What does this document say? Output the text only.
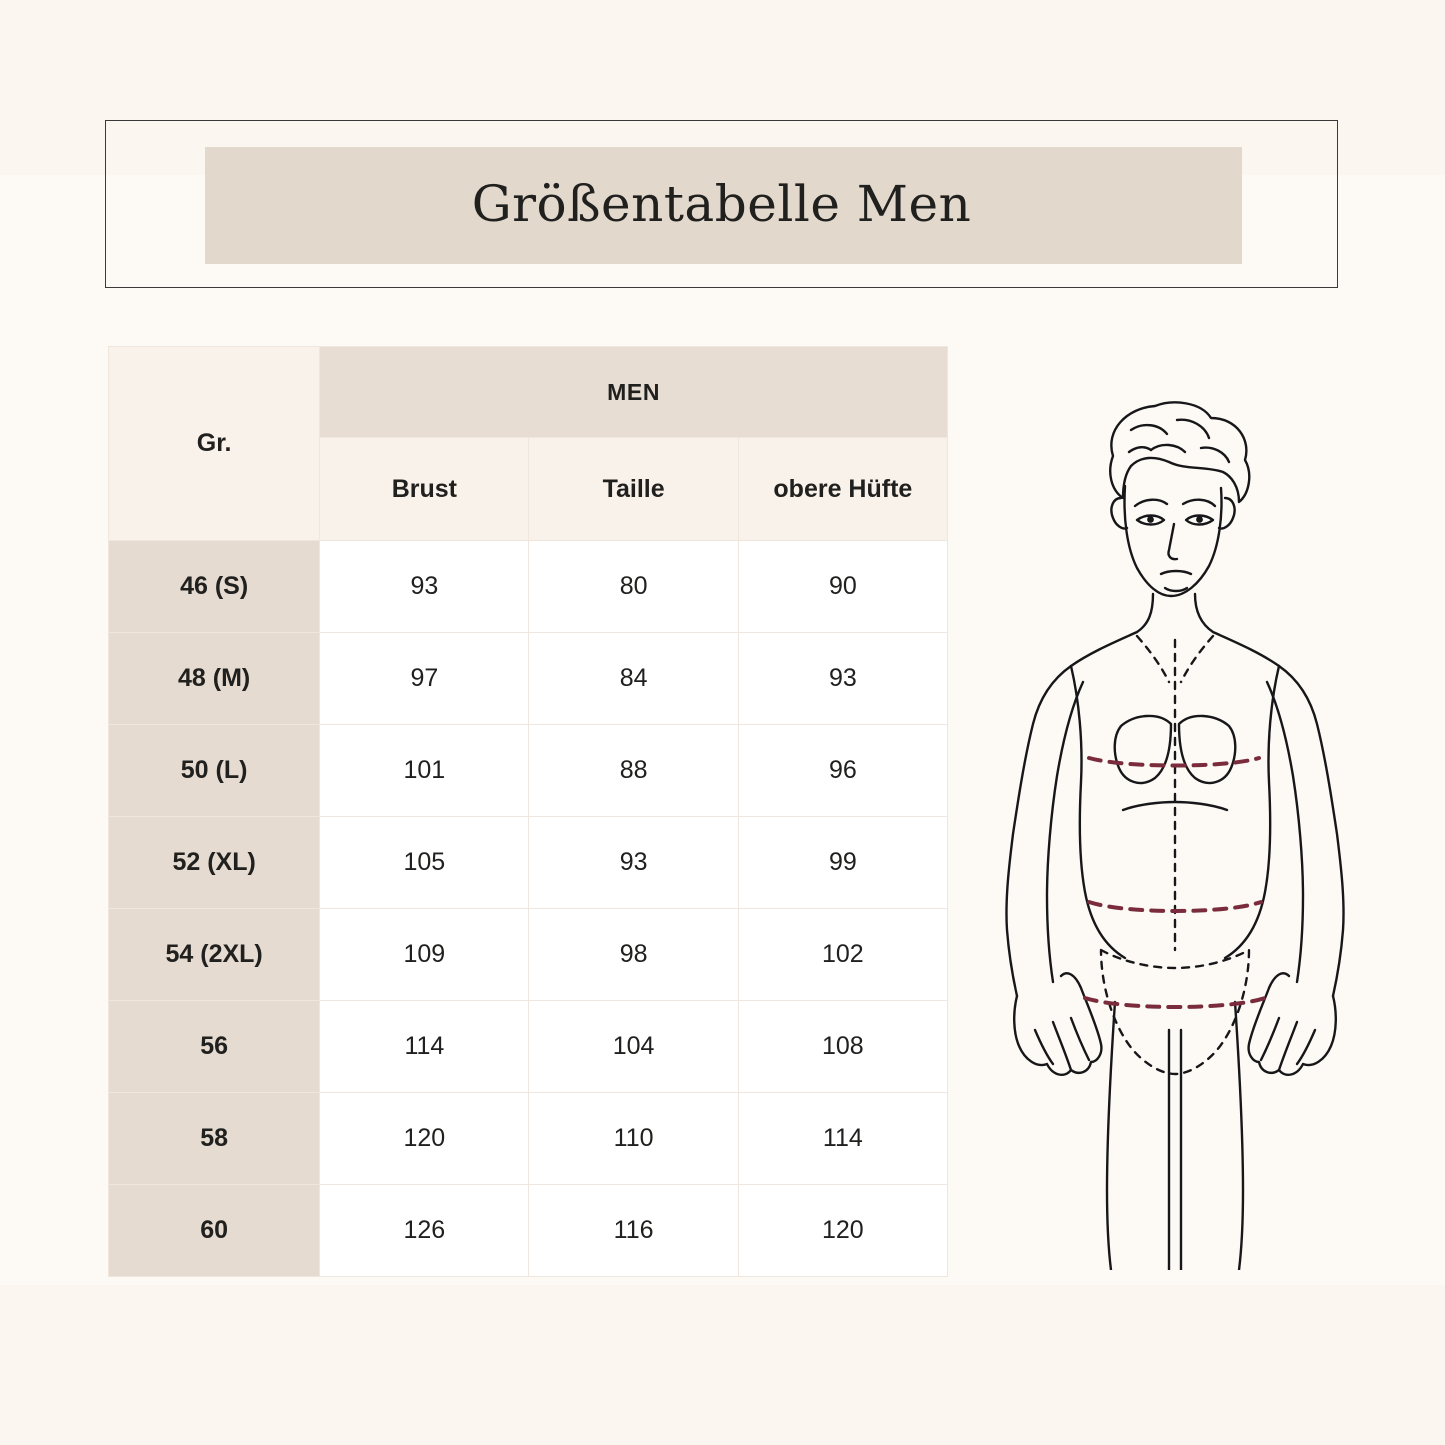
Größentabelle Men
Gr.	MEN		
	Brust	Taille	obere Hüfte
46 (S)	93	80	90
48 (M)	97	84	93
50 (L)	101	88	96
52 (XL)	105	93	99
54 (2XL)	109	98	102
56	114	104	108
58	120	110	114
60	126	116	120
